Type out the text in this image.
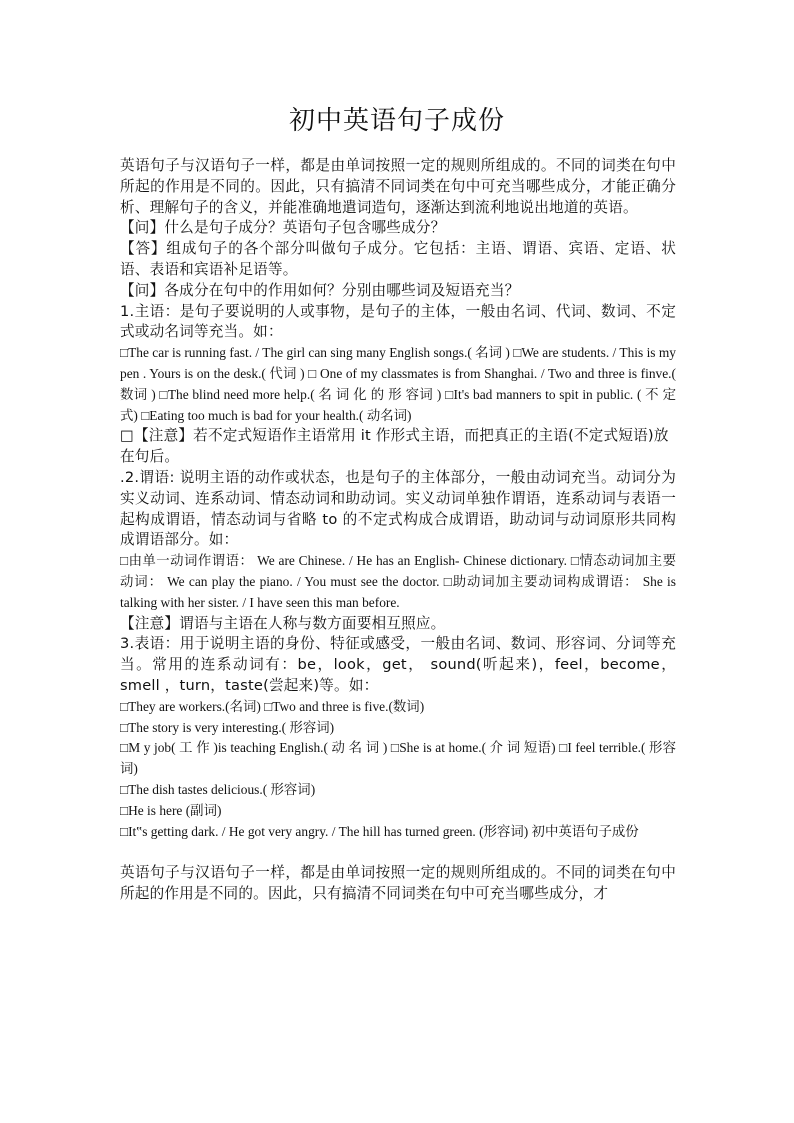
初中英语句子成份

英语句子与汉语句子一样，都是由单词按照一定的规则所组成的。不同的词类在句中所起的作用是不同的。因此，只有搞清不同词类在句中可充当哪些成分，才能正确分析、理解句子的含义，并能准确地遣词造句，逐渐达到流利地说出地道的英语。

【问】什么是句子成分？英语句子包含哪些成分？

【答】组成句子的各个部分叫做句子成分。它包括：主语、谓语、宾语、定语、状语、表语和宾语补足语等。

【问】各成分在句中的作用如何？分别由哪些词及短语充当？

1.主语：是句子要说明的人或事物，是句子的主体，一般由名词、代词、数词、不定式或动名词等充当。如：

□The car is running fast. / The girl can sing many English songs.( 名词 ) □We are students. / This is my pen . Yours is on the desk.( 代词 ) □ One of my classmates is from Shanghai. / Two and three is finve.( 数词 ) □The blind need more help.( 名 词 化 的 形 容词 ) □It's bad manners to spit in public. ( 不 定式) □Eating too much is bad for your health.( 动名词)

□【注意】若不定式短语作主语常用 it 作形式主语，而把真正的主语(不定式短语)放

在句后。

.2.谓语: 说明主语的动作或状态，也是句子的主体部分，一般由动词充当。动词分为实义动词、连系动词、情态动词和助动词。实义动词单独作谓语，连系动词与表语一起构成谓语，情态动词与省略 to 的不定式构成合成谓语，助动词与动词原形共同构成谓语部分。如：

□由单一动词作谓语： We are Chinese. / He has an English- Chinese dictionary. □情态动词加主要动词： We can play the piano. / You must see the doctor. □助动词加主要动词构成谓语： She is talking with her sister. / I have seen this man before.

【注意】谓语与主语在人称与数方面要相互照应。

3.表语：用于说明主语的身份、特征或感受，一般由名词、数词、形容词、分词等充当。常用的连系动词有：be，look，get， sound(听起来)，feel，become， smell ，turn，taste(尝起来)等。如：

□They are workers.(名词) □Two and three is five.(数词)

□The story is very interesting.( 形容词)

□M y job( 工 作 )is teaching English.( 动 名 词 ) □She is at home.( 介 词 短语) □I feel terrible.( 形容词)

□The dish tastes delicious.( 形容词)

□He is here (副词)

□It‟s getting dark. / He got very angry. / The hill has turned green. (形容词) 初中英语句子成份

英语句子与汉语句子一样，都是由单词按照一定的规则所组成的。不同的词类在句中所起的作用是不同的。因此，只有搞清不同词类在句中可充当哪些成分，才
